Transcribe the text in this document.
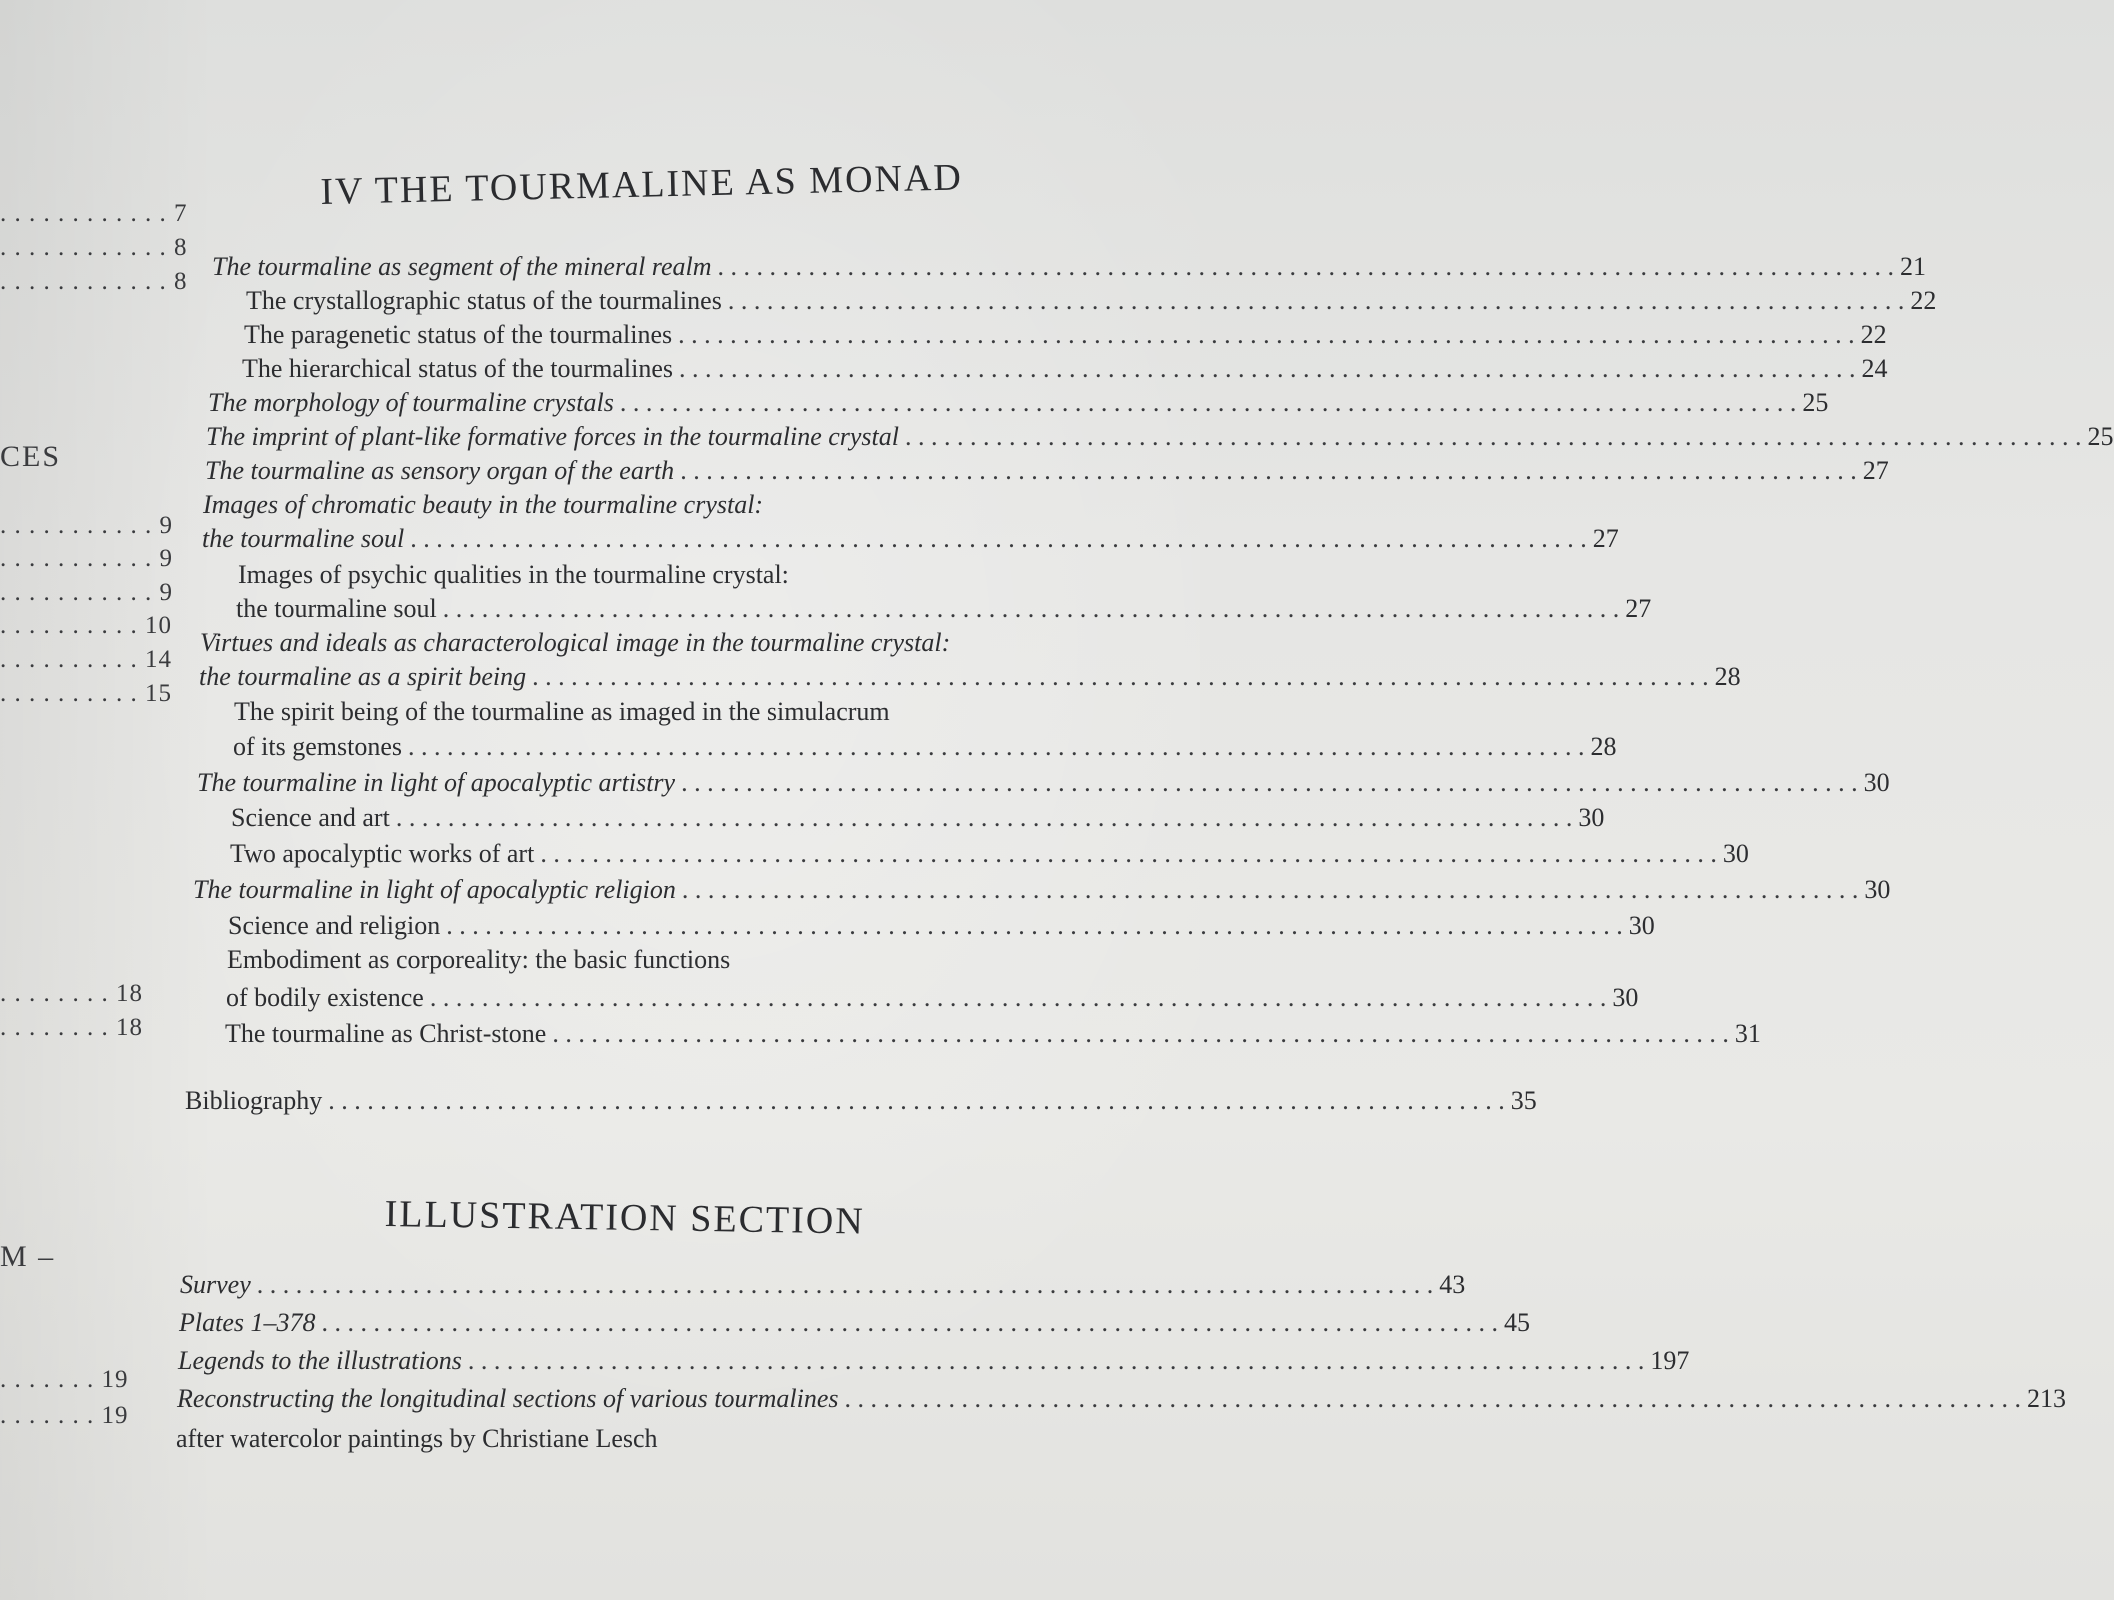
. . . . . . . . . . . . 7
. . . . . . . . . . . . 8
. . . . . . . . . . . . 8
CES
. . . . . . . . . . . 9
. . . . . . . . . . . 9
. . . . . . . . . . . 9
. . . . . . . . . . 10
. . . . . . . . . . 14
. . . . . . . . . . 15
. . . . . . . . 18
. . . . . . . . 18
M –
. . . . . . . 19
. . . . . . . 19
IV THE TOURMALINE AS MONAD
The tourmaline as segment of the mineral realm . . .	21
The crystallographic status of the tourmalines . . .	22
The paragenetic status of the tourmalines . . .	22
The hierarchical status of the tourmalines . . .	24
The morphology of tourmaline crystals . . .	25
The imprint of plant-like formative forces in the tourmaline crystal . . .	25
The tourmaline as sensory organ of the earth . . .	27
Images of chromatic beauty in the tourmaline crystal:
the tourmaline soul . . .	27
Images of psychic qualities in the tourmaline crystal:
the tourmaline soul . . .	27
Virtues and ideals as characterological image in the tourmaline crystal:
the tourmaline as a spirit being . . .	28
The spirit being of the tourmaline as imaged in the simulacrum
of its gemstones . . .	28
The tourmaline in light of apocalyptic artistry . . .	30
Science and art . . .	30
Two apocalyptic works of art . . .	30
The tourmaline in light of apocalyptic religion . . .	30
Science and religion . . .	30
Embodiment as corporeality: the basic functions
of bodily existence . . .	30
The tourmaline as Christ-stone . . .	31
Bibliography . . .	35
ILLUSTRATION SECTION
Survey . . .	43
Plates 1–378 . . .	45
Legends to the illustrations . . .	197
Reconstructing the longitudinal sections of various tourmalines . . .	213
after watercolor paintings by Christiane Lesch
